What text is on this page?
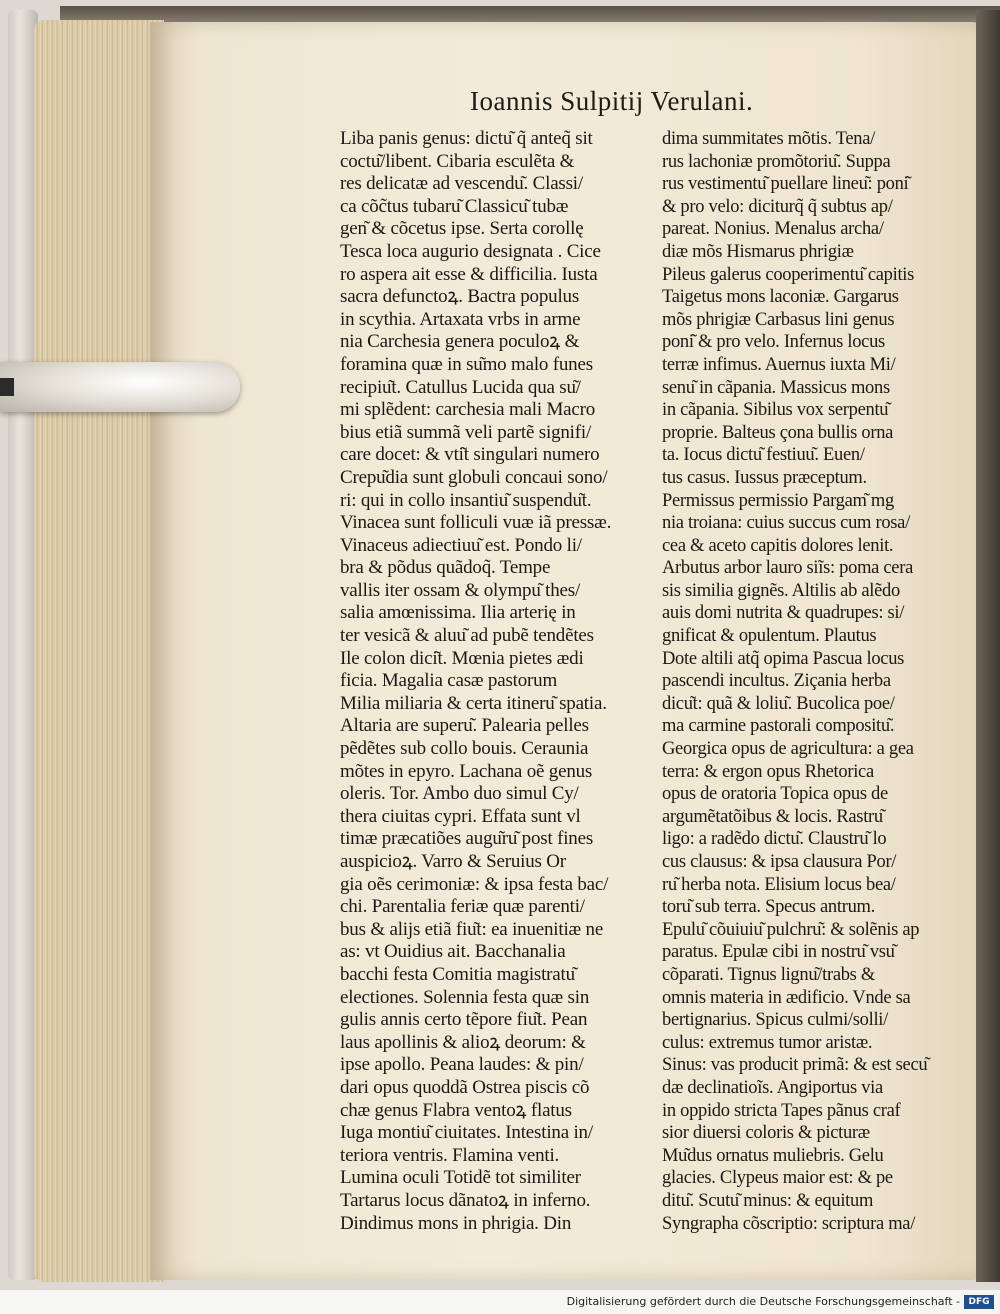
Ioannis Sulpitij Verulani.
Liba panis genus: dictu͂ q̃ anteq̃ sit
coctu͂/libent. Cibaria esculẽta &
res delicatæ ad vescendu͂. Classi/
ca cõc̃tus tubaru͂ Classicu͂ tubæ
gen͂ & cõcetus ipse. Serta corollę
Tesca loca augurio designata . Cice
ro aspera ait esse & difficilia. Iusta
sacra defunctoꝝ. Bactra populus
in scythia. Artaxata vrbs in arme
nia Carchesia genera poculoꝝ &
foramina quæ in su͂mo malo funes
recipiu͂t. Catullus Lucida qua su͂/
mi splẽdent: carchesia mali Macro
bius etiã summã veli partẽ signifi/
care docet: & vti͂t singulari numero
Crepu͂dia sunt globuli concaui sono/
ri: qui in collo insantiu͂ suspendu͂t.
Vinacea sunt folliculi vuæ iã pressæ.
Vinaceus adiectiuu͂ est. Pondo li/
bra & põdus quãdoq̃. Tempe
vallis iter ossam & olympu͂ thes/
salia amœnissima. Ilia arterię in
ter vesicã & aluu͂ ad pubẽ tendẽtes
Ile colon dici͂t. Mœnia pietes ædi
ficia. Magalia casæ pastorum
Milia miliaria & certa itineru͂ spatia.
Altaria are superu͂. Palearia pelles
pẽdẽtes sub collo bouis. Ceraunia
mõtes in epyro. Lachana oẽ genus
oleris. Tor. Ambo duo simul Cy/
thera ciuitas cypri. Effata sunt vl
timæ præcatiões augu͂ru͂ post fines
auspicioꝝ. Varro & Seruius Or
gia oẽs cerimoniæ: & ipsa festa bac/
chi. Parentalia feriæ quæ parenti/
bus & alijs etiã fiu͂t: ea inuenitiæ ne
as: vt Ouidius ait. Bacchanalia
bacchi festa Comitia magistratu͂
electiones. Solennia festa quæ sin
gulis annis certo tẽpore fiu͂t. Pean
laus apollinis & alioꝝ deorum: &
ipse apollo. Peana laudes: & pin/
dari opus quoddã Ostrea piscis cõ
chæ genus Flabra ventoꝝ flatus
Iuga montiu͂ ciuitates. Intestina in/
teriora ventris. Flamina venti.
Lumina oculi Totidẽ tot similiter
Tartarus locus dãnatoꝝ in inferno.
Dindimus mons in phrigia. Din
dima summitates mõtis. Tena/
rus lachoniæ promõtoriu͂. Suppa
rus vestimentu͂ puellare lineu͂: poni͂
& pro velo: diciturq̃ q̃ subtus ap/
pareat. Nonius. Menalus archa/
diæ mõs Hismarus phrigiæ
Pileus galerus cooperimentu͂ capitis
Taigetus mons laconiæ. Gargarus
mõs phrigiæ Carbasus lini genus
poni͂ & pro velo. Infernus locus
terræ infimus. Auernus iuxta Mi/
senu͂ in cãpania. Massicus mons
in cãpania. Sibilus vox serpentu͂
proprie. Balteus çona bullis orna
ta. Iocus dictu͂ festiuu͂. Euen/
tus casus. Iussus præceptum.
Permissus permissio Pargam͂ mg
nia troiana: cuius succus cum rosa/
cea & aceto capitis dolores lenit.
Arbutus arbor lauro siĩs: poma cera
sis similia gignẽs. Altilis ab alẽdo
auis domi nutrita & quadrupes: si/
gnificat & opulentum. Plautus
Dote altili atq̃ opima Pascua locus
pascendi incultus. Ziçania herba
dicu͂t: quã & loliu͂. Bucolica poe/
ma carmine pastorali compositu͂.
Georgica opus de agricultura: a gea
terra: & ergon opus Rhetorica
opus de oratoria Topica opus de
argumẽtatõibus & locis. Rastru͂
ligo: a radẽdo dictu͂. Claustru͂ lo
cus clausus: & ipsa clausura Por/
ru͂ herba nota. Elisium locus bea/
toru͂ sub terra. Specus antrum.
Epulu͂ cõuiuiu͂ pulchru͂: & solẽnis ap
paratus. Epulæ cibi in nostru͂ vsu͂
cõparati. Tignus lignu͂/trabs &
omnis materia in ædificio. Vnde sa
bertignarius. Spicus culmi/solli/
culus: extremus tumor aristæ.
Sinus: vas producit primã: & est secu͂
dæ declinatioĩs. Angiportus via
in oppido stricta Tapes pãnus craf
sior diuersi coloris & picturæ
Mu͂dus ornatus muliebris. Gelu
glacies. Clypeus maior est: & pe
ditu͂. Scutu͂ minus: & equitum
Syngrapha cõscriptio: scriptura ma/
Digitalisierung gefördert durch die Deutsche Forschungsgemeinschaft - DFG
